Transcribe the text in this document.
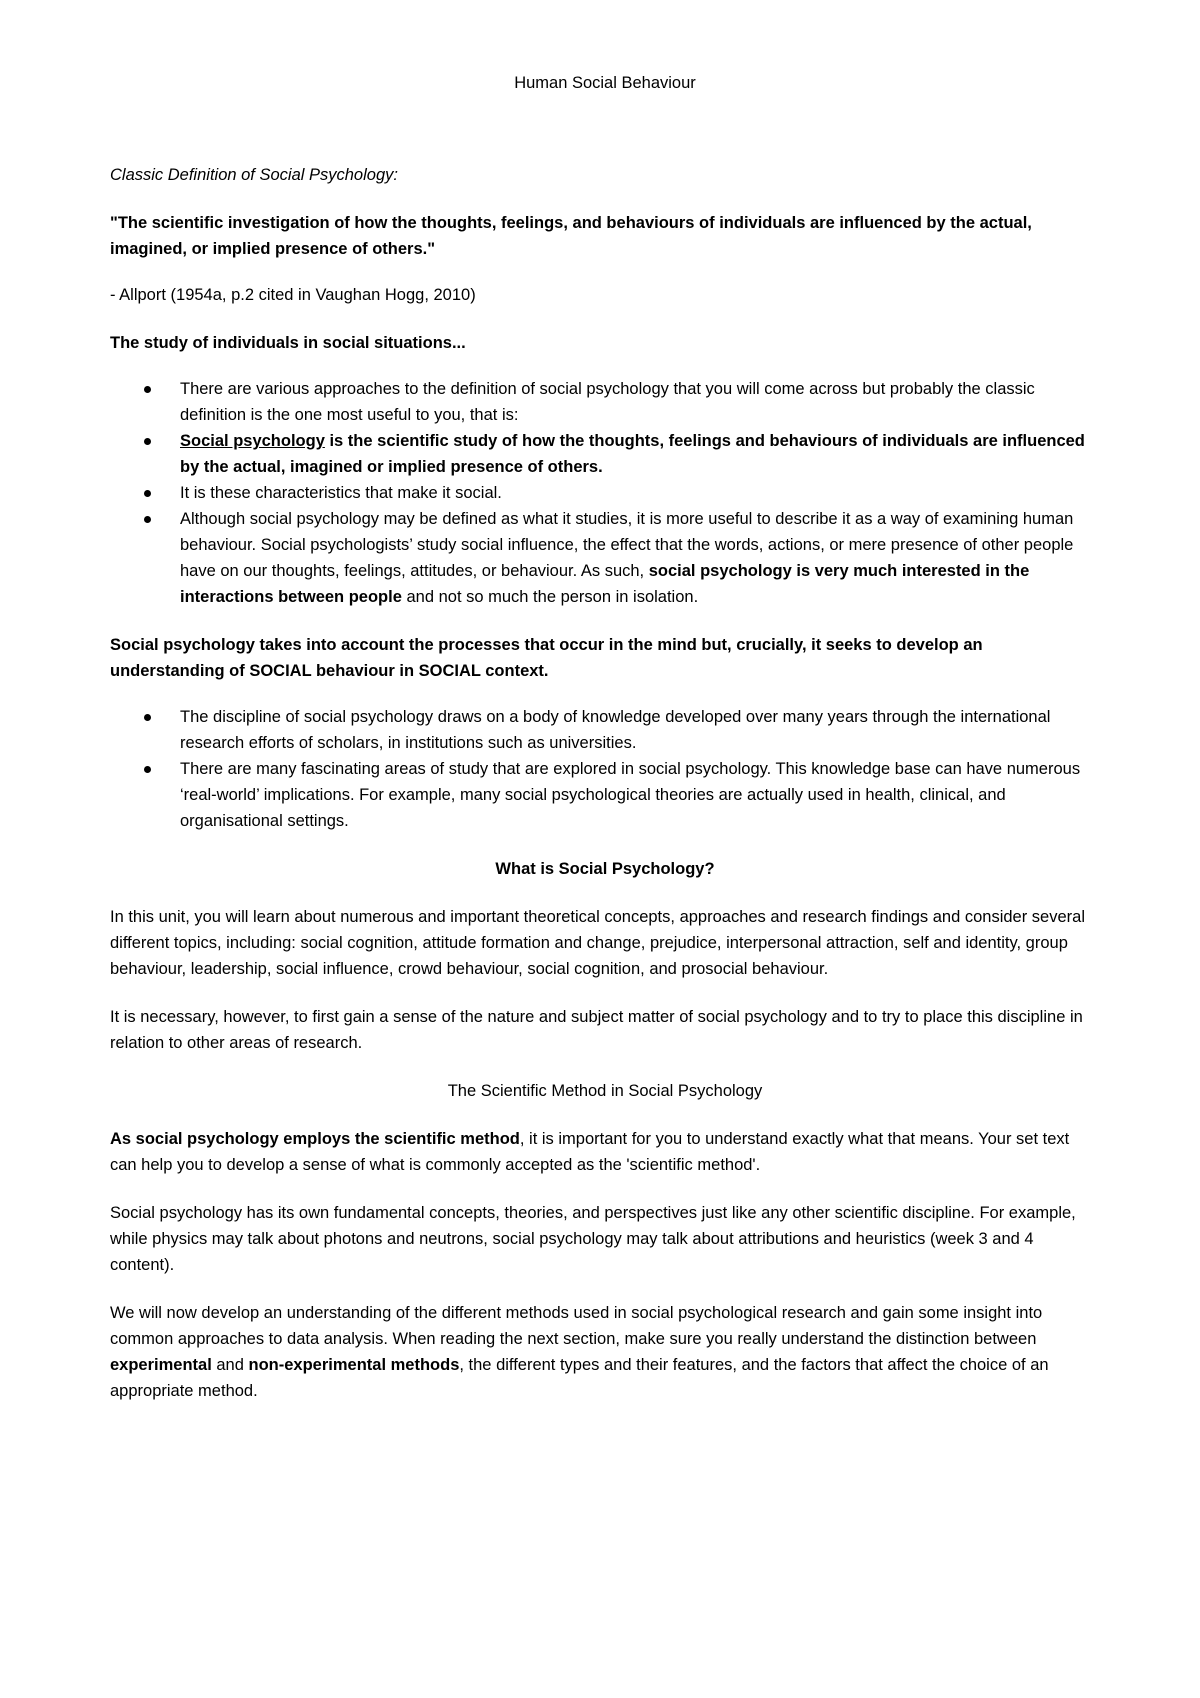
Human Social Behaviour

Classic Definition of Social Psychology:

"The scientific investigation of how the thoughts, feelings, and behaviours of individuals are influenced by the actual, imagined, or implied presence of others."

- Allport (1954a, p.2 cited in Vaughan Hogg, 2010)

The study of individuals in social situations...

There are various approaches to the definition of social psychology that you will come across but probably the classic definition is the one most useful to you, that is:
Social psychology is the scientific study of how the thoughts, feelings and behaviours of individuals are influenced by the actual, imagined or implied presence of others.
It is these characteristics that make it social.
Although social psychology may be defined as what it studies, it is more useful to describe it as a way of examining human behaviour. Social psychologists’ study social influence, the effect that the words, actions, or mere presence of other people have on our thoughts, feelings, attitudes, or behaviour. As such, social psychology is very much interested in the interactions between people and not so much the person in isolation.

Social psychology takes into account the processes that occur in the mind but, crucially, it seeks to develop an understanding of SOCIAL behaviour in SOCIAL context.

The discipline of social psychology draws on a body of knowledge developed over many years through the international research efforts of scholars, in institutions such as universities.
There are many fascinating areas of study that are explored in social psychology. This knowledge base can have numerous ‘real-world’ implications. For example, many social psychological theories are actually used in health, clinical, and organisational settings.

What is Social Psychology?

In this unit, you will learn about numerous and important theoretical concepts, approaches and research findings and consider several different topics, including: social cognition, attitude formation and change, prejudice, interpersonal attraction, self and identity, group behaviour, leadership, social influence, crowd behaviour, social cognition, and prosocial behaviour.

It is necessary, however, to first gain a sense of the nature and subject matter of social psychology and to try to place this discipline in relation to other areas of research.

The Scientific Method in Social Psychology

As social psychology employs the scientific method, it is important for you to understand exactly what that means. Your set text can help you to develop a sense of what is commonly accepted as the 'scientific method'.

Social psychology has its own fundamental concepts, theories, and perspectives just like any other scientific discipline. For example, while physics may talk about photons and neutrons, social psychology may talk about attributions and heuristics (week 3 and 4 content).

We will now develop an understanding of the different methods used in social psychological research and gain some insight into common approaches to data analysis. When reading the next section, make sure you really understand the distinction between experimental and non-experimental methods, the different types and their features, and the factors that affect the choice of an appropriate method.
